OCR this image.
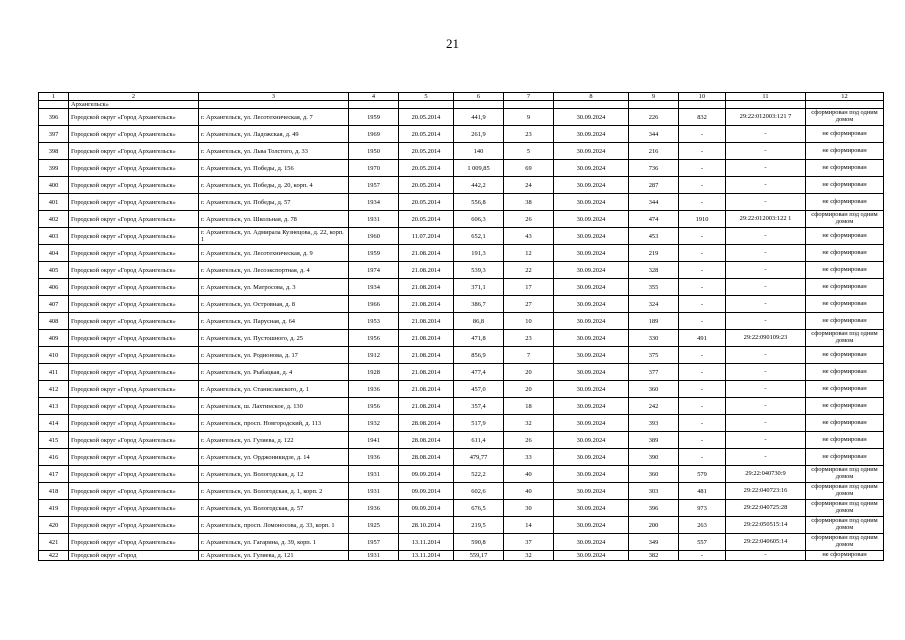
21
1	2	3	4	5	6	7	8	9	10	11	12
	Архангельск»										
396	Городской округ «Город Архангельск»	г. Архангельск, ул. Лесотехническая, д. 7	1959	20.05.2014	441,9	9	30.09.2024	226	832	29:22:012003:121 7	сформирован под одним домом
397	Городской округ «Город Архангельск»	г. Архангельск, ул. Ладожская, д. 49	1969	20.05.2014	261,9	23	30.09.2024	344	-	-	не сформирован
398	Городской округ «Город Архангельск»	г. Архангельск, ул. Льва Толстого, д. 33	1950	20.05.2014	140	5	30.09.2024	216	-	-	не сформирован
399	Городской округ «Город Архангельск»	г. Архангельск, ул. Победы, д. 156	1970	20.05.2014	1 009,85	69	30.09.2024	736	-	-	не сформирован
400	Городской округ «Город Архангельск»	г. Архангельск, ул. Победы, д. 20, корп. 4	1957	20.05.2014	442,2	24	30.09.2024	287	-	-	не сформирован
401	Городской округ «Город Архангельск»	г. Архангельск, ул. Победы, д. 57	1934	20.05.2014	556,8	38	30.09.2024	344	-	-	не сформирован
402	Городской округ «Город Архангельск»	г. Архангельск, ул. Школьная, д. 78	1931	20.05.2014	606,3	26	30.09.2024	474	1910	29:22:012003:122 1	сформирован под одним домом
403	Городской округ «Город Архангельск»	г. Архангельск, ул. Адмирала Кузнецова, д. 22, корп. 1	1960	11.07.2014	652,1	43	30.09.2024	453	-	-	не сформирован
404	Городской округ «Город Архангельск»	г. Архангельск, ул. Лесотехническая, д. 9	1959	21.08.2014	191,3	12	30.09.2024	219	-	-	не сформирован
405	Городской округ «Город Архангельск»	г. Архангельск, ул. Лесоэкспортная, д. 4	1974	21.08.2014	539,3	22	30.09.2024	328	-	-	не сформирован
406	Городской округ «Город Архангельск»	г. Архангельск, ул. Матросова, д. 3	1934	21.08.2014	371,1	17	30.09.2024	355	-	-	не сформирован
407	Городской округ «Город Архангельск»	г. Архангельск, ул. Островная, д. 8	1966	21.08.2014	386,7	27	30.09.2024	324	-	-	не сформирован
408	Городской округ «Город Архангельск»	г. Архангельск, ул. Парусная, д. 64	1953	21.08.2014	86,8	10	30.09.2024	189	-	-	не сформирован
409	Городской округ «Город Архангельск»	г. Архангельск, ул. Пустошного, д. 25	1956	21.08.2014	471,8	23	30.09.2024	330	491	29:22:090109:23	сформирован под одним домом
410	Городской округ «Город Архангельск»	г. Архангельск, ул. Родионова, д. 17	1912	21.08.2014	856,9	7	30.09.2024	375	-	-	не сформирован
411	Городской округ «Город Архангельск»	г. Архангельск, ул. Рыбацкая, д. 4	1928	21.08.2014	477,4	20	30.09.2024	377	-	-	не сформирован
412	Городской округ «Город Архангельск»	г. Архангельск, ул. Станиславского, д. 1	1936	21.08.2014	457,0	20	30.09.2024	360	-	-	не сформирован
413	Городской округ «Город Архангельск»	г. Архангельск, ш. Лахтинское, д. 130	1956	21.08.2014	357,4	18	30.09.2024	242	-	-	не сформирован
414	Городской округ «Город Архангельск»	г. Архангельск, просп. Новгородский, д. 113	1932	28.08.2014	517,9	32	30.09.2024	393	-	-	не сформирован
415	Городской округ «Город Архангельск»	г. Архангельск, ул. Гуляева, д. 122	1941	28.08.2014	611,4	26	30.09.2024	389	-	-	не сформирован
416	Городской округ «Город Архангельск»	г. Архангельск, ул. Орджоникидзе, д. 14	1936	28.08.2014	479,77	33	30.09.2024	390	-	-	не сформирован
417	Городской округ «Город Архангельск»	г. Архангельск, ул. Вологодская, д. 12	1931	09.09.2014	522,2	40	30.09.2024	360	579	29:22:040730:9	сформирован под одним домом
418	Городской округ «Город Архангельск»	г. Архангельск, ул. Вологодская, д. 1, корп. 2	1931	09.09.2014	602,6	40	30.09.2024	303	481	29:22:040723:16	сформирован под одним домом
419	Городской округ «Город Архангельск»	г. Архангельск, ул. Вологодская, д. 57	1936	09.09.2014	676,5	30	30.09.2024	396	973	29:22:040725:28	сформирован под одним домом
420	Городской округ «Город Архангельск»	г. Архангельск, просп. Ломоносова, д. 33, корп. 1	1925	28.10.2014	219,5	14	30.09.2024	200	263	29:22:050515:14	сформирован под одним домом
421	Городской округ «Город Архангельск»	г. Архангельск, ул. Гагарина, д. 39, корп. 1	1957	13.11.2014	590,8	37	30.09.2024	349	557	29:22:040605:14	сформирован под одним домом
422	Городской округ «Город	г. Архангельск, ул. Гуляева, д. 121	1931	13.11.2014	559,17	32	30.09.2024	382	-	-	не сформирован
